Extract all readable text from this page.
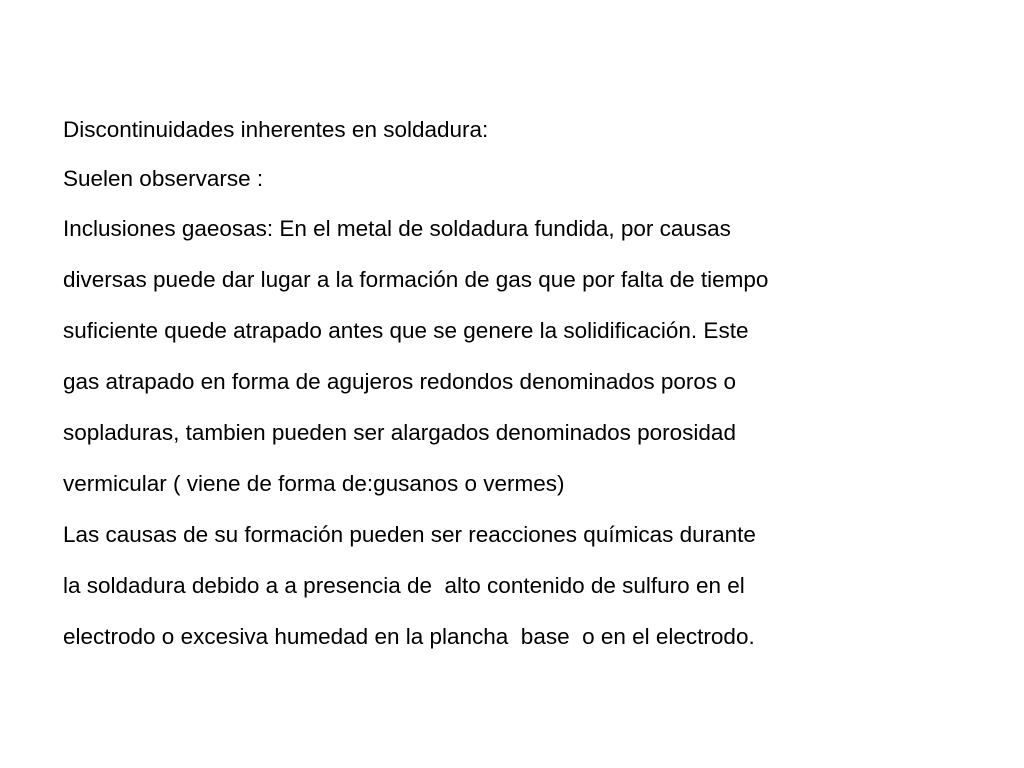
Discontinuidades inherentes en soldadura:

Suelen observarse :

Inclusiones gaeosas: En el metal de soldadura fundida, por causas

diversas puede dar lugar a la formación de gas que por falta de tiempo

suficiente quede atrapado antes que se genere la solidificación. Este

gas atrapado en forma de agujeros redondos denominados poros o

sopladuras, tambien pueden ser alargados denominados porosidad

vermicular ( viene de forma de:gusanos o vermes)

Las causas de su formación pueden ser reacciones químicas durante

la soldadura debido a a presencia de  alto contenido de sulfuro en el

electrodo o excesiva humedad en la plancha  base  o en el electrodo.
